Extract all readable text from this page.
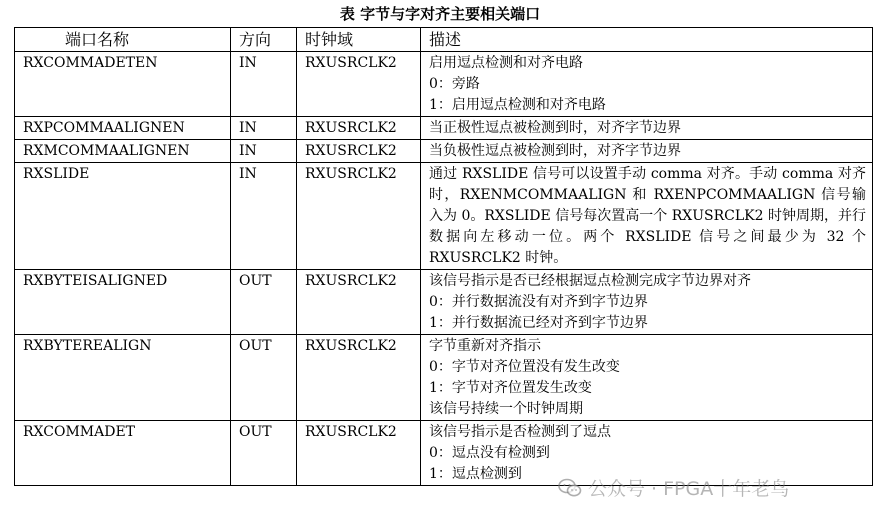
表 字节与字对齐主要相关端口
端口名称	方向	时钟域	描述
RXCOMMADETEN	IN	RXUSRCLK2	启用逗点检测和对齐电路
0：旁路
1：启用逗点检测和对齐电路

RXPCOMMAALIGNEN	IN	RXUSRCLK2	当正极性逗点被检测到时，对齐字节边界

RXMCOMMAALIGNEN	IN	RXUSRCLK2	当负极性逗点被检测到时，对齐字节边界

RXSLIDE	IN	RXUSRCLK2	通过 RXSLIDE 信号可以设置手动 comma 对齐。手动 comma 对齐时，RXENMCOMMAALIGN 和 RXENPCOMMAALIGN 信号输入为 0。RXSLIDE 信号每次置高一个 RXUSRCLK2 时钟周期，并行数据向左移动一位。两个 RXSLIDE 信号之间最少为 32 个 RXUSRCLK2 时钟。

RXBYTEISALIGNED	OUT	RXUSRCLK2	该信号指示是否已经根据逗点检测完成字节边界对齐
0：并行数据流没有对齐到字节边界
1：并行数据流已经对齐到字节边界

RXBYTEREALIGN	OUT	RXUSRCLK2	字节重新对齐指示
0：字节对齐位置没有发生改变
1：字节对齐位置发生改变
该信号持续一个时钟周期

RXCOMMADET	OUT	RXUSRCLK2	该信号指示是否检测到了逗点
0：逗点没有检测到
1：逗点检测到
公众号 · FPGA十年老鸟
